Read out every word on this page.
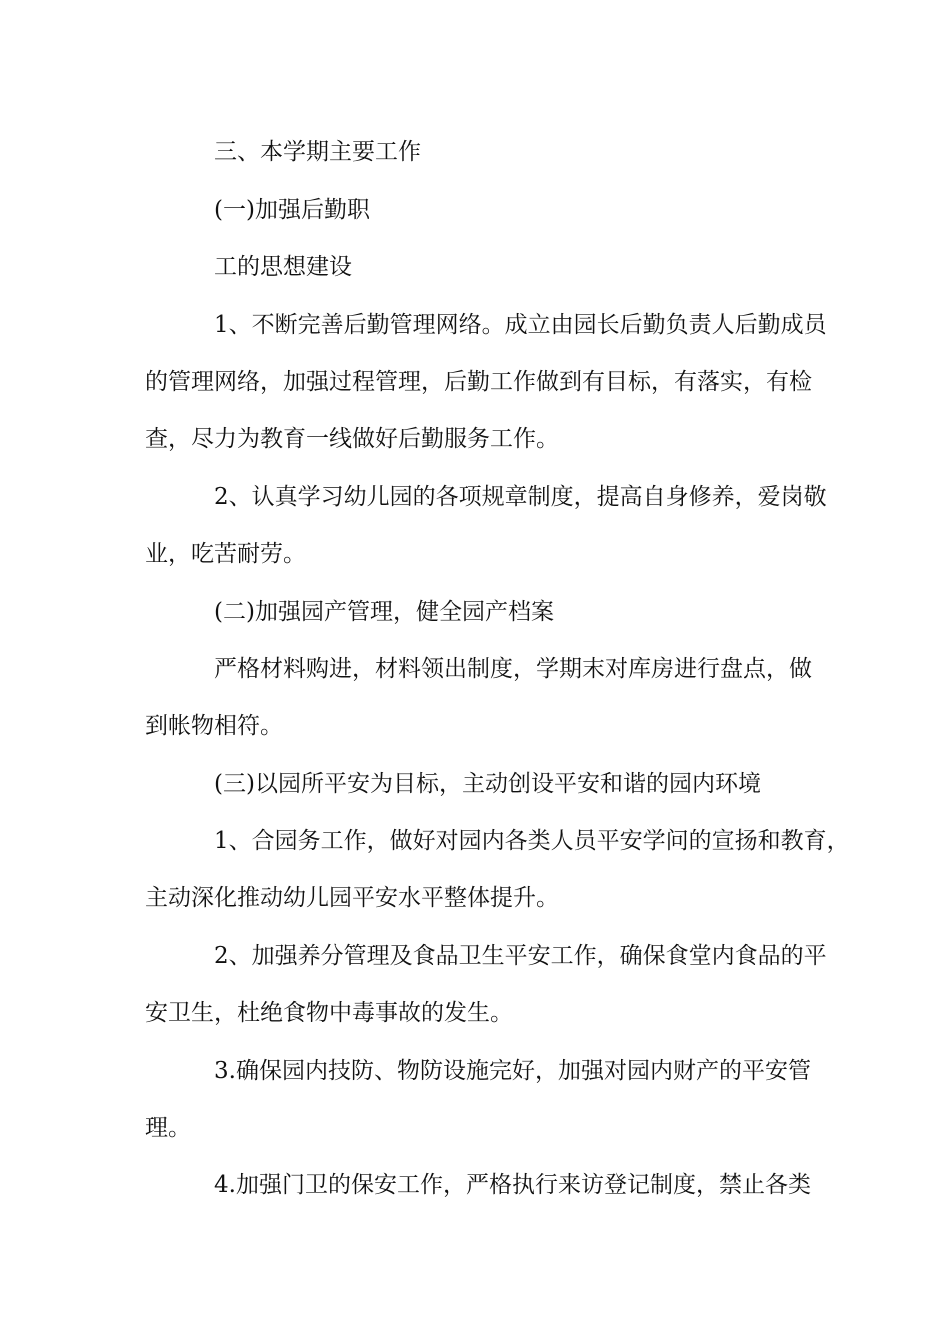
三、本学期主要工作
(一)加强后勤职
工的思想建设
1、不断完善后勤管理网络。成立由园长后勤负责人后勤成员
的管理网络，加强过程管理，后勤工作做到有目标，有落实，有检
查，尽力为教育一线做好后勤服务工作。
2、认真学习幼儿园的各项规章制度，提高自身修养，爱岗敬
业，吃苦耐劳。
(二)加强园产管理，健全园产档案
严格材料购进，材料领出制度，学期末对库房进行盘点，做
到帐物相符。
(三)以园所平安为目标，主动创设平安和谐的园内环境
1、合园务工作，做好对园内各类人员平安学问的宣扬和教育，
主动深化推动幼儿园平安水平整体提升。
2、加强养分管理及食品卫生平安工作，确保食堂内食品的平
安卫生，杜绝食物中毒事故的发生。
3.确保园内技防、物防设施完好，加强对园内财产的平安管
理。
4.加强门卫的保安工作，严格执行来访登记制度，禁止各类
